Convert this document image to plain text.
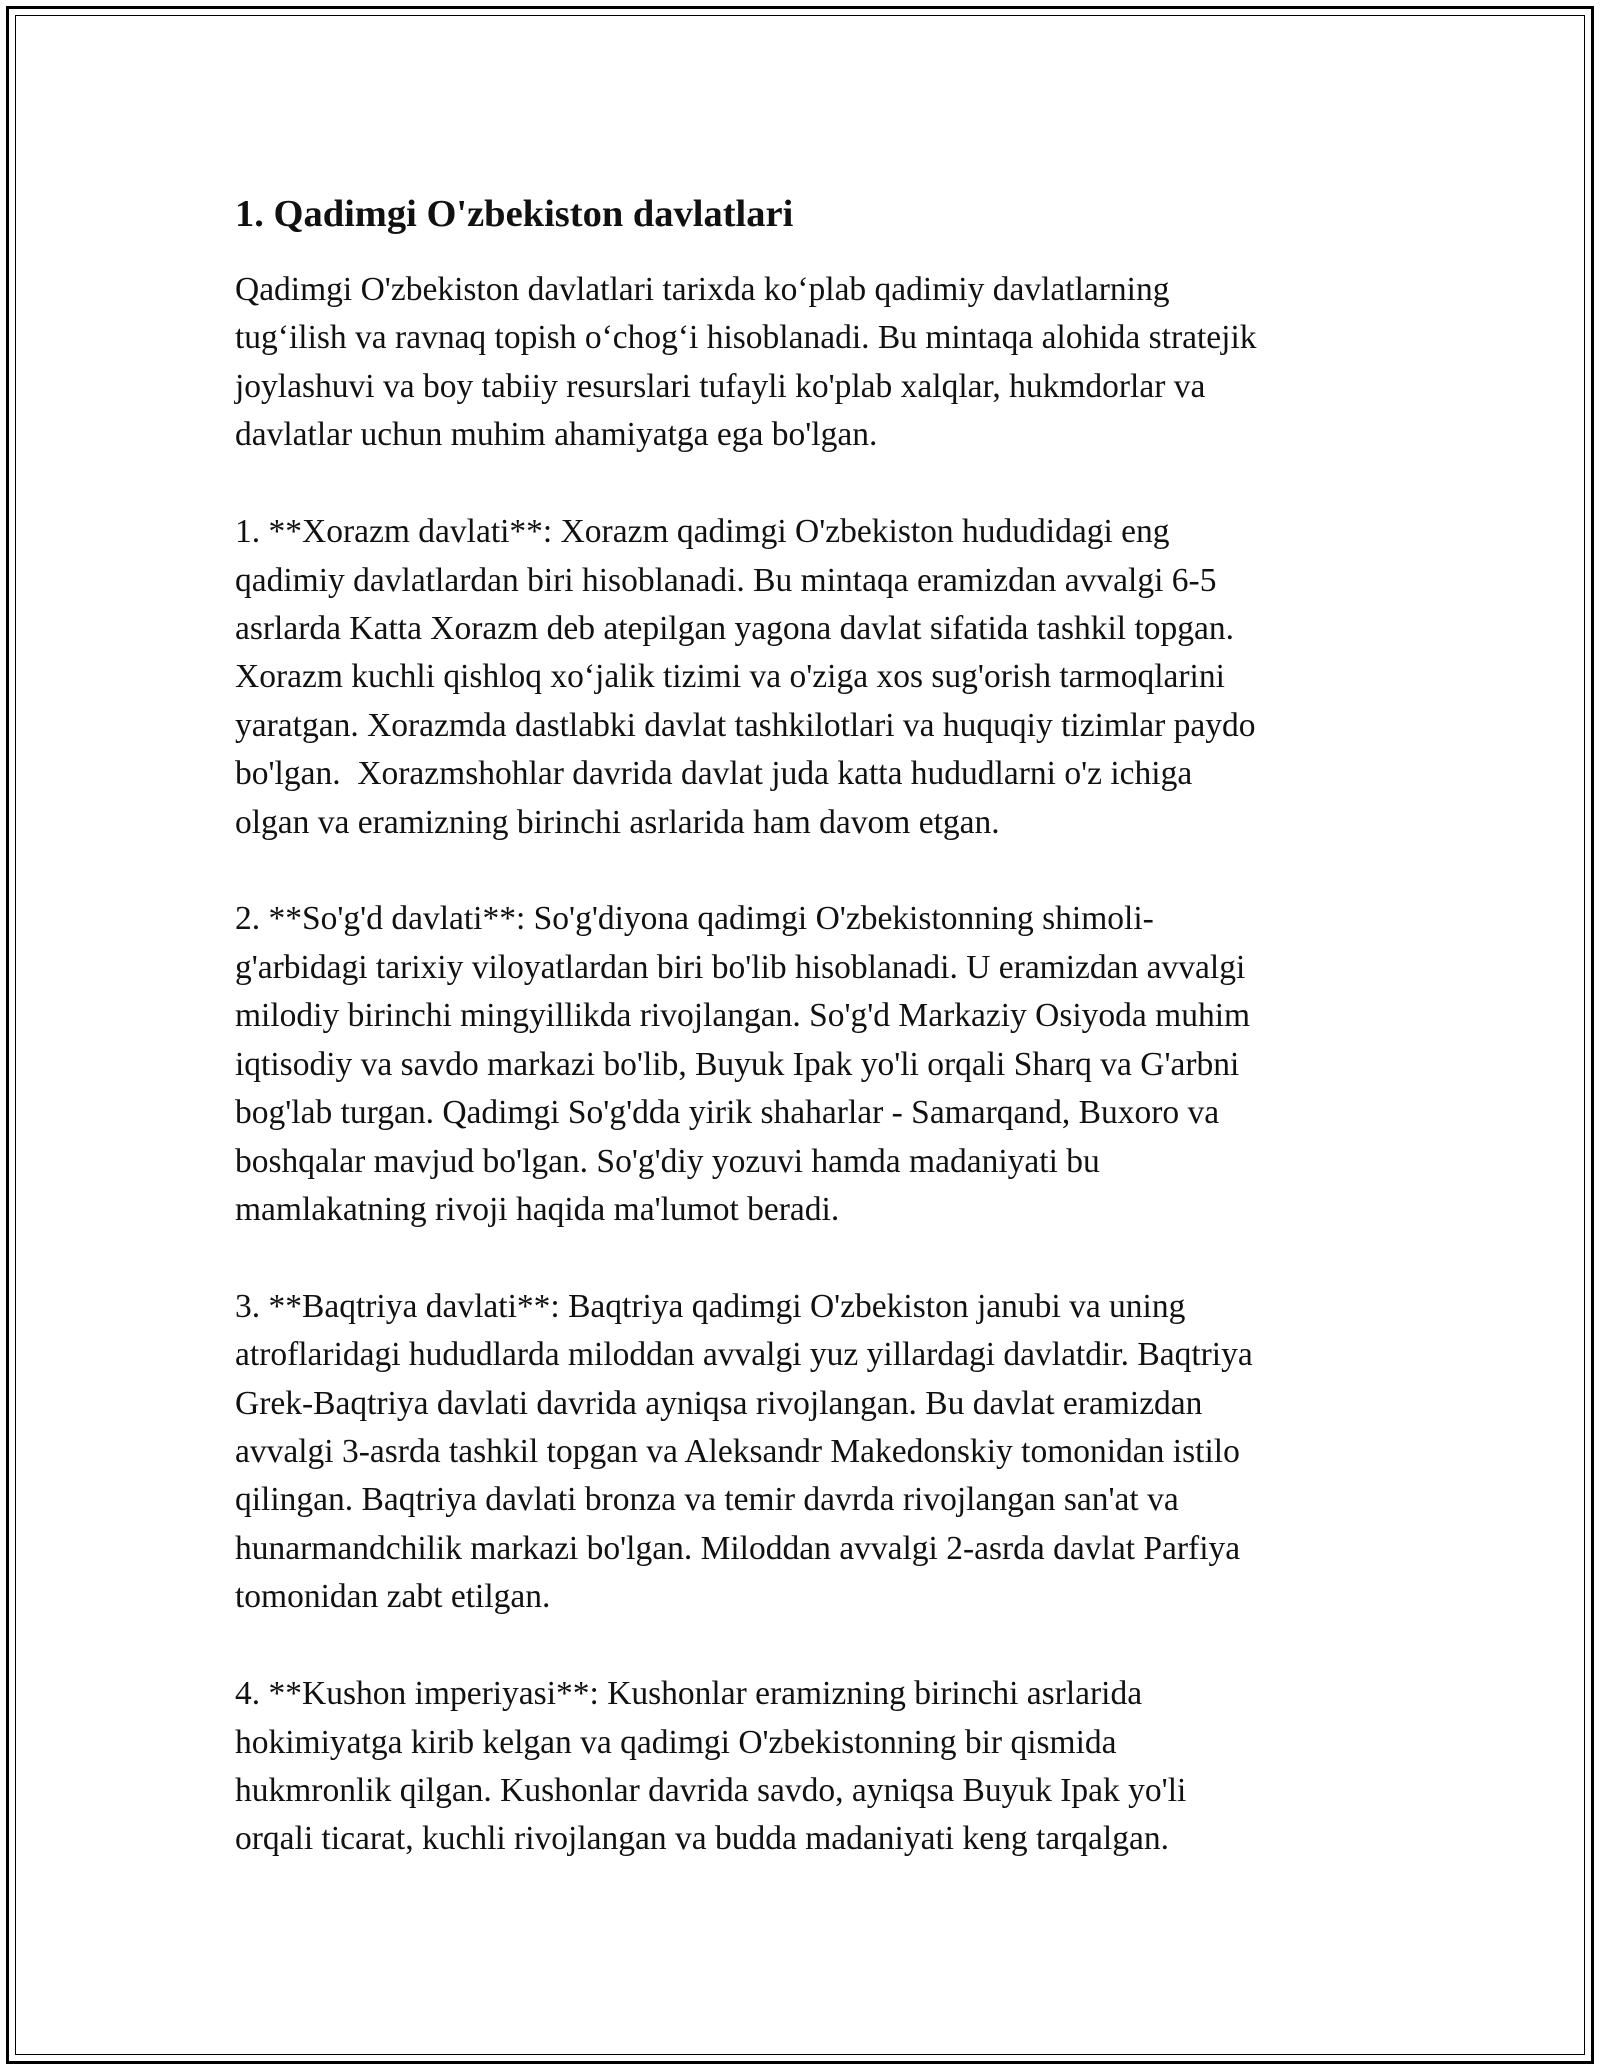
1. Qadimgi O'zbekiston davlatlari
Qadimgi O'zbekiston davlatlari tarixda ko‘plab qadimiy davlatlarning
tug‘ilish va ravnaq topish o‘chog‘i hisoblanadi. Bu mintaqa alohida stratejik
joylashuvi va boy tabiiy resurslari tufayli ko'plab xalqlar, hukmdorlar va
davlatlar uchun muhim ahamiyatga ega bo'lgan.
1. **Xorazm davlati**: Xorazm qadimgi O'zbekiston hududidagi eng
qadimiy davlatlardan biri hisoblanadi. Bu mintaqa eramizdan avvalgi 6-5
asrlarda Katta Xorazm deb atepilgan yagona davlat sifatida tashkil topgan.
Xorazm kuchli qishloq xo‘jalik tizimi va o'ziga xos sug'orish tarmoqlarini
yaratgan. Xorazmda dastlabki davlat tashkilotlari va huquqiy tizimlar paydo
bo'lgan.  Xorazmshohlar davrida davlat juda katta hududlarni o'z ichiga
olgan va eramizning birinchi asrlarida ham davom etgan.
2. **So'g'd davlati**: So'g'diyona qadimgi O'zbekistonning shimoli-
g'arbidagi tarixiy viloyatlardan biri bo'lib hisoblanadi. U eramizdan avvalgi
milodiy birinchi mingyillikda rivojlangan. So'g'd Markaziy Osiyoda muhim
iqtisodiy va savdo markazi bo'lib, Buyuk Ipak yo'li orqali Sharq va G'arbni
bog'lab turgan. Qadimgi So'g'dda yirik shaharlar - Samarqand, Buxoro va
boshqalar mavjud bo'lgan. So'g'diy yozuvi hamda madaniyati bu
mamlakatning rivoji haqida ma'lumot beradi.
3. **Baqtriya davlati**: Baqtriya qadimgi O'zbekiston janubi va uning
atroflaridagi hududlarda miloddan avvalgi yuz yillardagi davlatdir. Baqtriya
Grek-Baqtriya davlati davrida ayniqsa rivojlangan. Bu davlat eramizdan
avvalgi 3-asrda tashkil topgan va Aleksandr Makedonskiy tomonidan istilo
qilingan. Baqtriya davlati bronza va temir davrda rivojlangan san'at va
hunarmandchilik markazi bo'lgan. Miloddan avvalgi 2-asrda davlat Parfiya
tomonidan zabt etilgan.
4. **Kushon imperiyasi**: Kushonlar eramizning birinchi asrlarida
hokimiyatga kirib kelgan va qadimgi O'zbekistonning bir qismida
hukmronlik qilgan. Kushonlar davrida savdo, ayniqsa Buyuk Ipak yo'li
orqali ticarat, kuchli rivojlangan va budda madaniyati keng tarqalgan.
